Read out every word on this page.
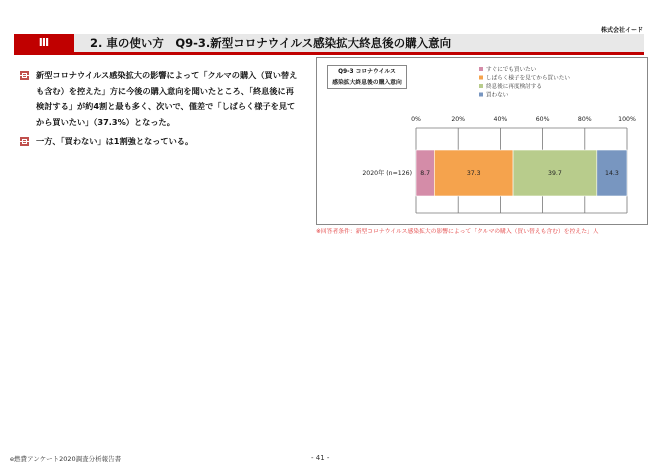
株式会社イード
Ⅲ	2. 車の使い方　Q9-3.新型コロナウイルス感染拡大終息後の購入意向
新型コロナウイルス感染拡大の影響によって「クルマの購入（買い替えも含む）を控えた」方に今後の購入意向を聞いたところ、「終息後に再検討する」が約4割と最も多く、次いで、僅差で「しばらく様子を見てから買いたい」（37.3%）となった。
一方、「買わない」は1割強となっている。
0%	20%	40%	60%	80%	100%
2020年 (n=126) 8.7	37.3	39.7	14.3
すぐにでも買いたい
しばらく様子を見てから買いたい
終息後に再度検討する
買わない
Q9-3 コロナウイルス
感染拡大終息後の購入意向
※回答者条件：新型コロナウイルス感染拡大の影響によって「クルマの購入（買い替えも含む）を控えた」人
e燃費アンケート2020調査分析報告書	- 41 -
